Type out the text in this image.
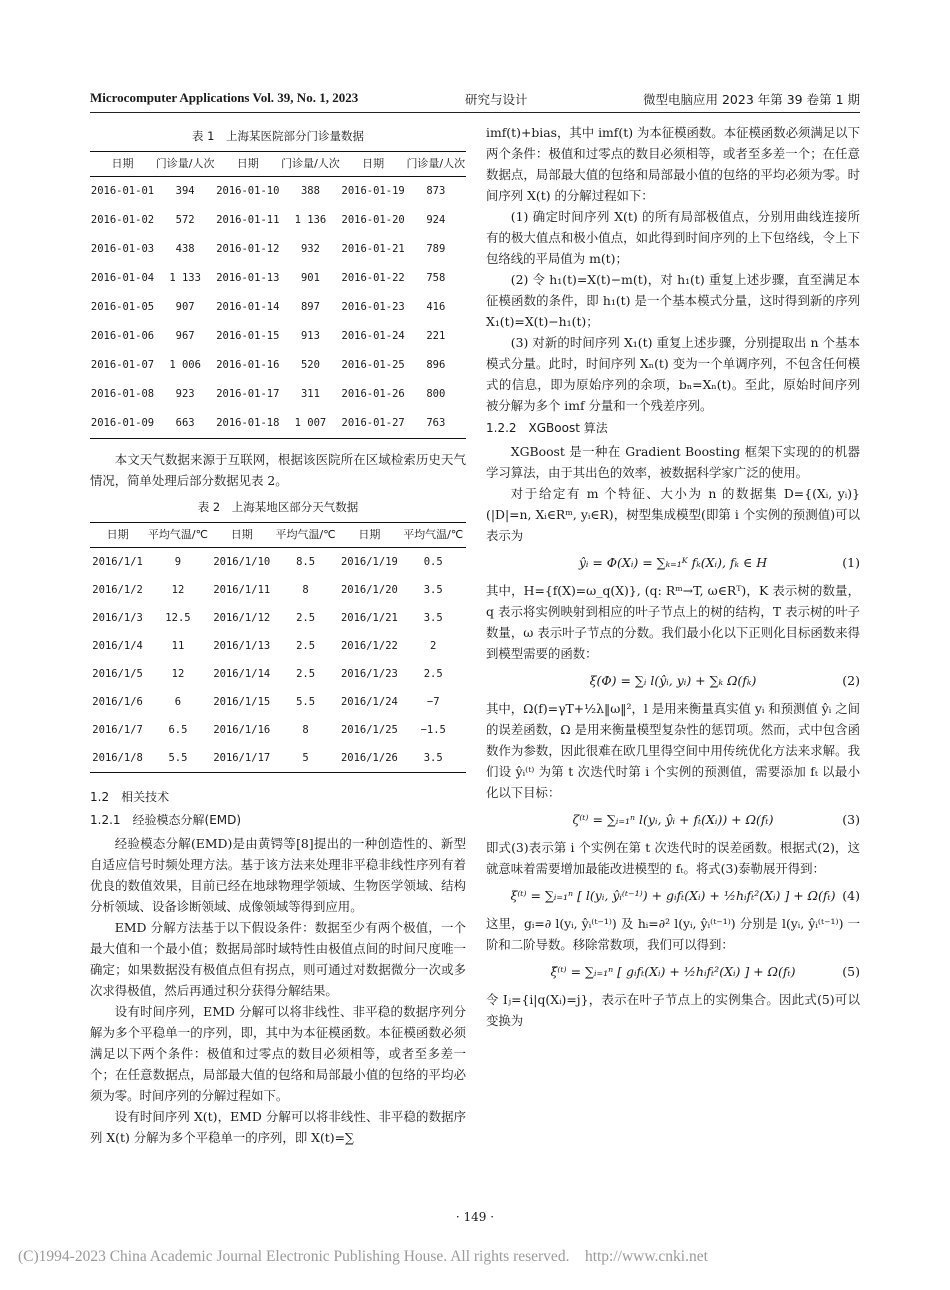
Microcomputer Applications Vol. 39, No. 1, 2023	研究与设计	微型电脑应用 2023 年第 39 卷第 1 期
表 1　上海某医院部分门诊量数据
日期	门诊量/人次	日期	门诊量/人次	日期	门诊量/人次
2016-01-01	394	2016-01-10	388	2016-01-19	873
2016-01-02	572	2016-01-11	1 136	2016-01-20	924
2016-01-03	438	2016-01-12	932	2016-01-21	789
2016-01-04	1 133	2016-01-13	901	2016-01-22	758
2016-01-05	907	2016-01-14	897	2016-01-23	416
2016-01-06	967	2016-01-15	913	2016-01-24	221
2016-01-07	1 006	2016-01-16	520	2016-01-25	896
2016-01-08	923	2016-01-17	311	2016-01-26	800
2016-01-09	663	2016-01-18	1 007	2016-01-27	763

本文天气数据来源于互联网，根据该医院所在区域检索历史天气情况，简单处理后部分数据见表 2。

表 2　上海某地区部分天气数据
日期	平均气温/℃	日期	平均气温/℃	日期	平均气温/℃
2016/1/1	9	2016/1/10	8.5	2016/1/19	0.5
2016/1/2	12	2016/1/11	8	2016/1/20	3.5
2016/1/3	12.5	2016/1/12	2.5	2016/1/21	3.5
2016/1/4	11	2016/1/13	2.5	2016/1/22	2
2016/1/5	12	2016/1/14	2.5	2016/1/23	2.5
2016/1/6	6	2016/1/15	5.5	2016/1/24	−7
2016/1/7	6.5	2016/1/16	8	2016/1/25	−1.5
2016/1/8	5.5	2016/1/17	5	2016/1/26	3.5
1.2　相关技术
1.2.1　经验模态分解(EMD)

经验模态分解(EMD)是由黄锷等[8]提出的一种创造性的、新型自适应信号时频处理方法。基于该方法来处理非平稳非线性序列有着优良的数值效果，目前已经在地球物理学领域、生物医学领域、结构分析领域、设备诊断领域、成像领域等得到应用。

EMD 分解方法基于以下假设条件：数据至少有两个极值，一个最大值和一个最小值；数据局部时域特性由极值点间的时间尺度唯一确定；如果数据没有极值点但有拐点，则可通过对数据微分一次或多次求得极值，然后再通过积分获得分解结果。

设有时间序列，EMD 分解可以将非线性、非平稳的数据序列分解为多个平稳单一的序列，即，其中为本征模函数。本征模函数必须满足以下两个条件：极值和过零点的数目必须相等，或者至多差一个；在任意数据点，局部最大值的包络和局部最小值的包络的平均必须为零。时间序列的分解过程如下。

设有时间序列 X(t)，EMD 分解可以将非线性、非平稳的数据序列 X(t) 分解为多个平稳单一的序列，即 X(t)=∑

imf(t)+bias，其中 imf(t) 为本征模函数。本征模函数必须满足以下两个条件：极值和过零点的数目必须相等，或者至多差一个；在任意数据点，局部最大值的包络和局部最小值的包络的平均必须为零。时间序列 X(t) 的分解过程如下：

(1) 确定时间序列 X(t) 的所有局部极值点，分别用曲线连接所有的极大值点和极小值点，如此得到时间序列的上下包络线，令上下包络线的平局值为 m(t)；

(2) 令 h₁(t)=X(t)−m(t)，对 h₁(t) 重复上述步骤，直至满足本征模函数的条件，即 h₁(t) 是一个基本模式分量，这时得到新的序列 X₁(t)=X(t)−h₁(t)；

(3) 对新的时间序列 X₁(t) 重复上述步骤，分别提取出 n 个基本模式分量。此时，时间序列 Xₙ(t) 变为一个单调序列，不包含任何模式的信息，即为原始序列的余项，bₙ=Xₙ(t)。至此，原始时间序列被分解为多个 imf 分量和一个残差序列。

1.2.2　XGBoost 算法

XGBoost 是一种在 Gradient Boosting 框架下实现的的机器学习算法，由于其出色的效率，被数据科学家广泛的使用。

对于给定有 m 个特征、大小为 n 的数据集 D={(Xᵢ, yᵢ)}(|D|=n, Xᵢ∈Rᵐ, yᵢ∈R)，树型集成模型(即第 i 个实例的预测值)可以表示为

ŷᵢ = Φ(Xᵢ) = ∑ₖ₌₁ᴷ fₖ(Xᵢ), fₖ ∈ H	(1)

其中，H={f(X)=ω_q(X)}, (q: Rᵐ→T, ω∈Rᵀ)，K 表示树的数量，q 表示将实例映射到相应的叶子节点上的树的结构，T 表示树的叶子数量，ω 表示叶子节点的分数。我们最小化以下正则化目标函数来得到模型需要的函数：

ξ(Φ) = ∑ᵢ l(ŷᵢ, yᵢ) + ∑ₖ Ω(fₖ)	(2)

其中，Ω(f)=γT+½λ‖ω‖²，l 是用来衡量真实值 yᵢ 和预测值 ŷᵢ 之间的误差函数，Ω 是用来衡量模型复杂性的惩罚项。然而，式中包含函数作为参数，因此很难在欧几里得空间中用传统优化方法来求解。我们设 ŷᵢ⁽ᵗ⁾ 为第 t 次迭代时第 i 个实例的预测值，需要添加 fₜ 以最小化以下目标：

ζ⁽ᵗ⁾ = ∑ᵢ₌₁ⁿ l(yᵢ, ŷᵢ + fₜ(Xᵢ)) + Ω(fₜ)	(3)

即式(3)表示第 i 个实例在第 t 次迭代时的误差函数。根据式(2)，这就意味着需要增加最能改进模型的 fₜ。将式(3)泰勒展开得到：

ξ⁽ᵗ⁾ = ∑ᵢ₌₁ⁿ [ l(yᵢ, ŷᵢ⁽ᵗ⁻¹⁾) + gᵢfₜ(Xᵢ) + ½hᵢfₜ²(Xᵢ) ] + Ω(fₜ) (4)

这里，gᵢ=∂ l(yᵢ, ŷᵢ⁽ᵗ⁻¹⁾) 及 hᵢ=∂² l(yᵢ, ŷᵢ⁽ᵗ⁻¹⁾) 分别是 l(yᵢ, ŷᵢ⁽ᵗ⁻¹⁾) 一阶和二阶导数。移除常数项，我们可以得到：

ξ̃⁽ᵗ⁾ = ∑ᵢ₌₁ⁿ [ gᵢfₜ(Xᵢ) + ½hᵢfₜ²(Xᵢ) ] + Ω(fₜ)	(5)

令 Iⱼ={i|q(Xᵢ)=j}，表示在叶子节点上的实例集合。因此式(5)可以变换为

· 149 ·
(C)1994-2023 China Academic Journal Electronic Publishing House. All rights reserved.　http://www.cnki.net
